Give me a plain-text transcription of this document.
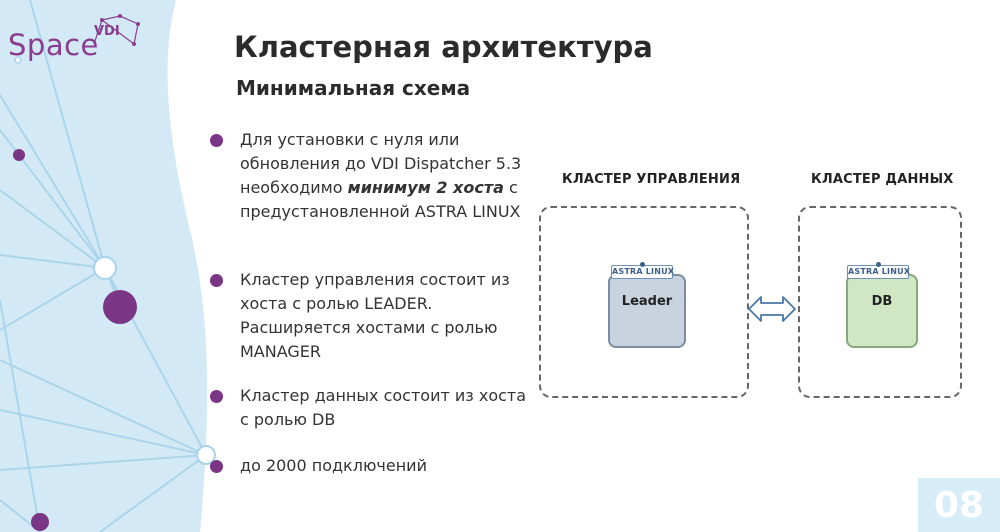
Space
VDI	Кластерная архитектура
Минимальная схема
Для установки с нуля или обновления до VDI Dispatcher 5.3 необходимо минимум 2 хоста с предустановленной ASTRA LINUX
Кластер управления состоит из хоста с ролью LEADER. Расширяется хостами с ролью MANAGER
Кластер данных состоит из хоста с ролью DB
до 2000 подключений
КЛАСТЕР УПРАВЛЕНИЯ	КЛАСТЕР ДАННЫХ
Leader
ASTRA LINUX
DB
ASTRA LINUX
08
